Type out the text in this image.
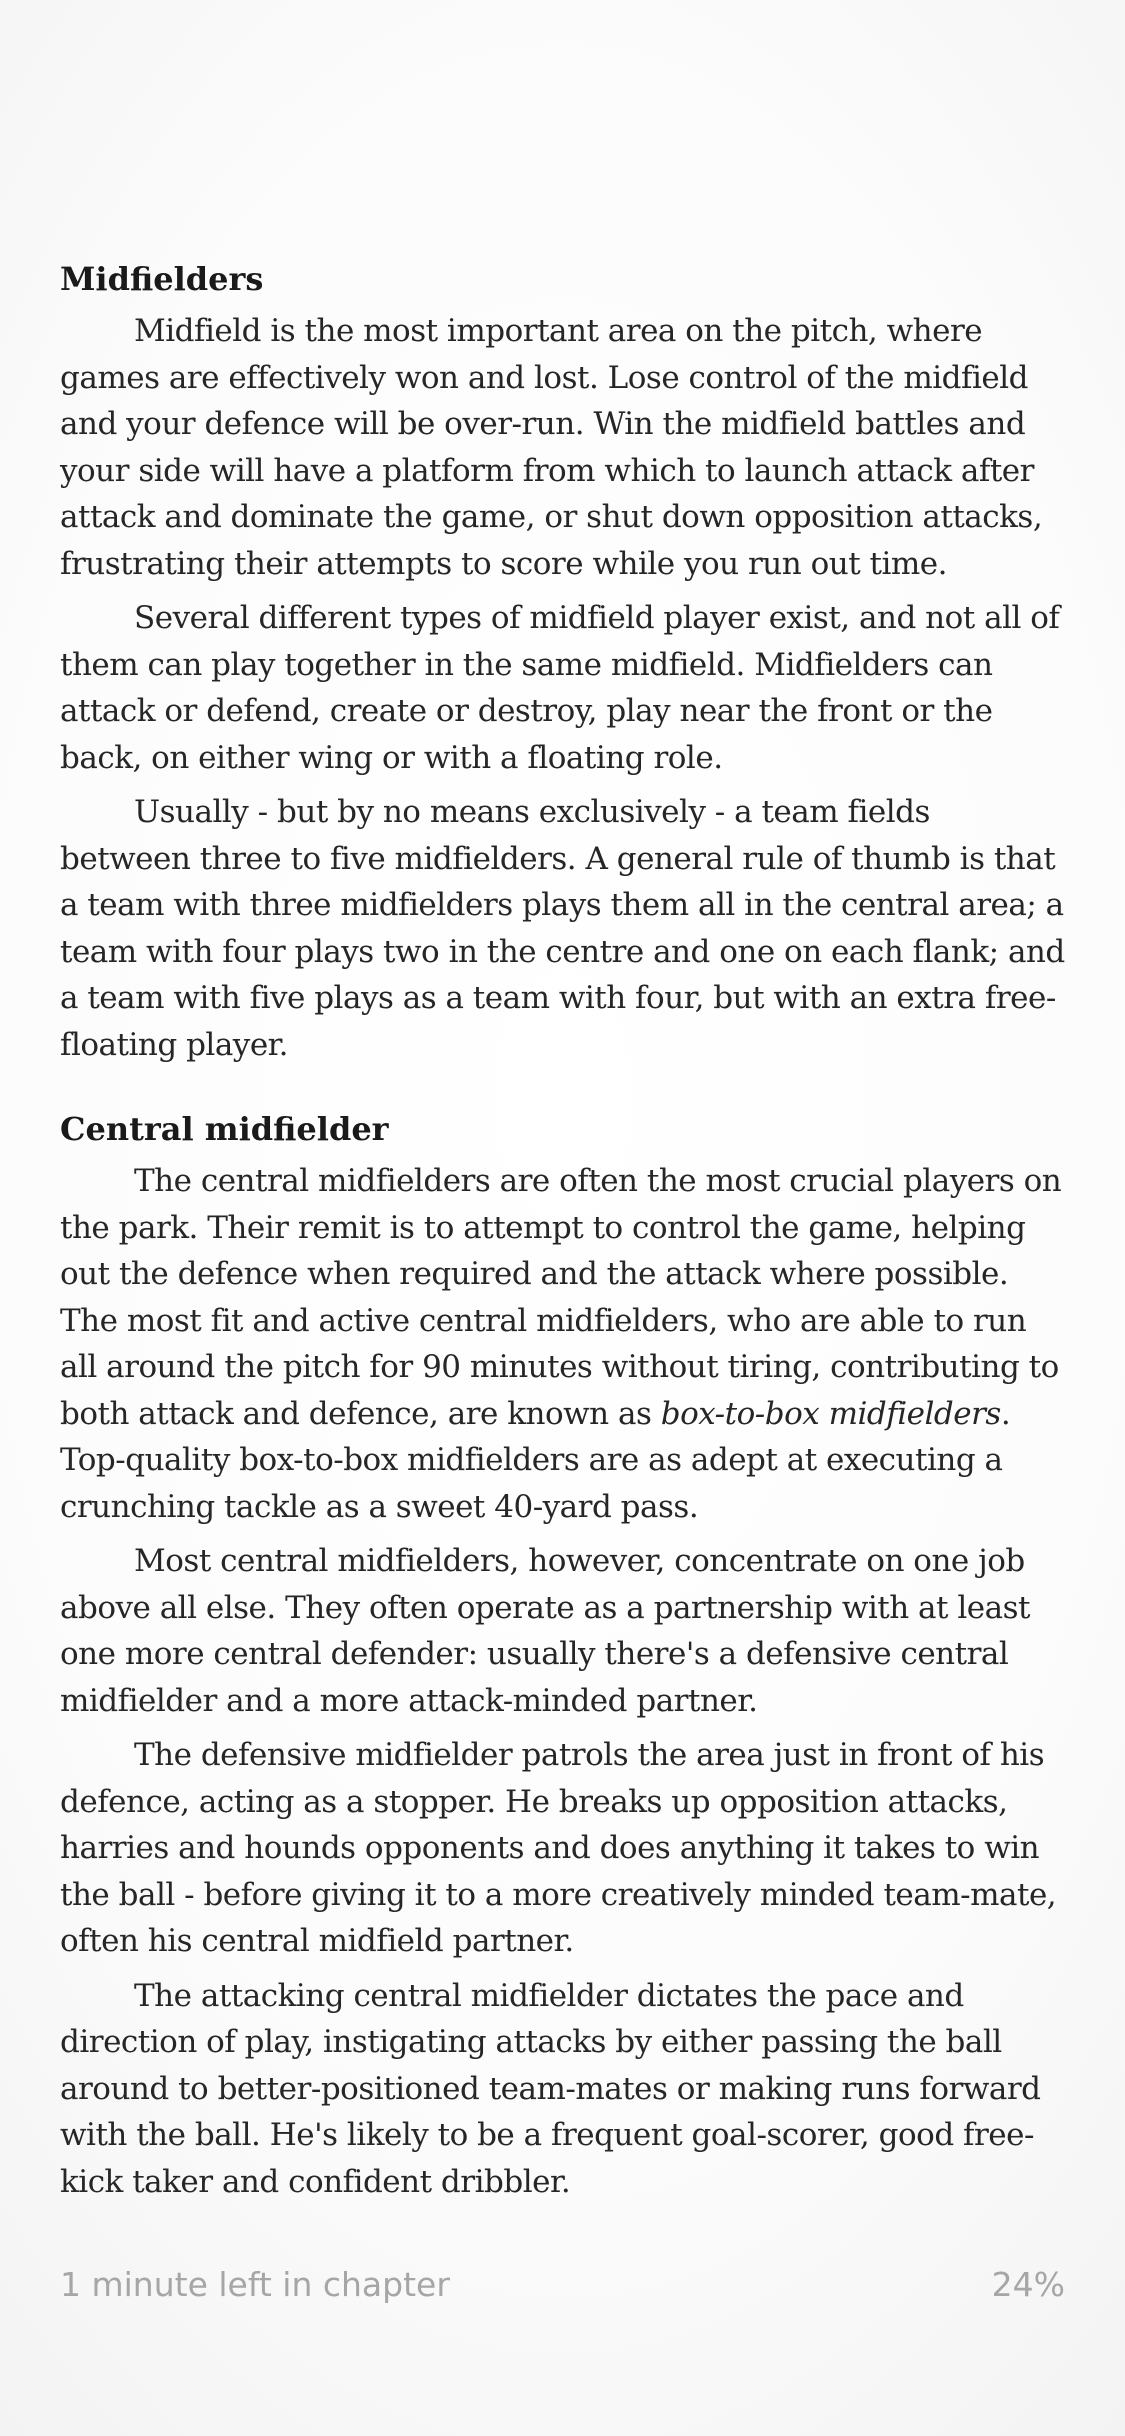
Midfielders

Midfield is the most important area on the pitch, where games are effectively won and lost. Lose control of the midfield and your defence will be over-run. Win the midfield battles and your side will have a platform from which to launch attack after attack and dominate the game, or shut down opposition attacks, frustrating their attempts to score while you run out time.

Several different types of midfield player exist, and not all of them can play together in the same midfield. Midfielders can attack or defend, create or destroy, play near the front or the back, on either wing or with a floating role.

Usually - but by no means exclusively - a team fields between three to five midfielders. A general rule of thumb is that a team with three midfielders plays them all in the central area; a team with four plays two in the centre and one on each flank; and a team with five plays as a team with four, but with an extra free-floating player.

Central midfielder

The central midfielders are often the most crucial players on the park. Their remit is to attempt to control the game, helping out the defence when required and the attack where possible. The most fit and active central midfielders, who are able to run all around the pitch for 90 minutes without tiring, contributing to both attack and defence, are known as box-to-box midfielders. Top-quality box-to-box midfielders are as adept at executing a crunching tackle as a sweet 40-yard pass.

Most central midfielders, however, concentrate on one job above all else. They often operate as a partnership with at least one more central defender: usually there's a defensive central midfielder and a more attack-minded partner.

The defensive midfielder patrols the area just in front of his defence, acting as a stopper. He breaks up opposition attacks, harries and hounds opponents and does anything it takes to win the ball - before giving it to a more creatively minded team-mate, often his central midfield partner.

The attacking central midfielder dictates the pace and direction of play, instigating attacks by either passing the ball around to better-positioned team-mates or making runs forward with the ball. He's likely to be a frequent goal-scorer, good free-kick taker and confident dribbler.

1 minute left in chapter	24%
